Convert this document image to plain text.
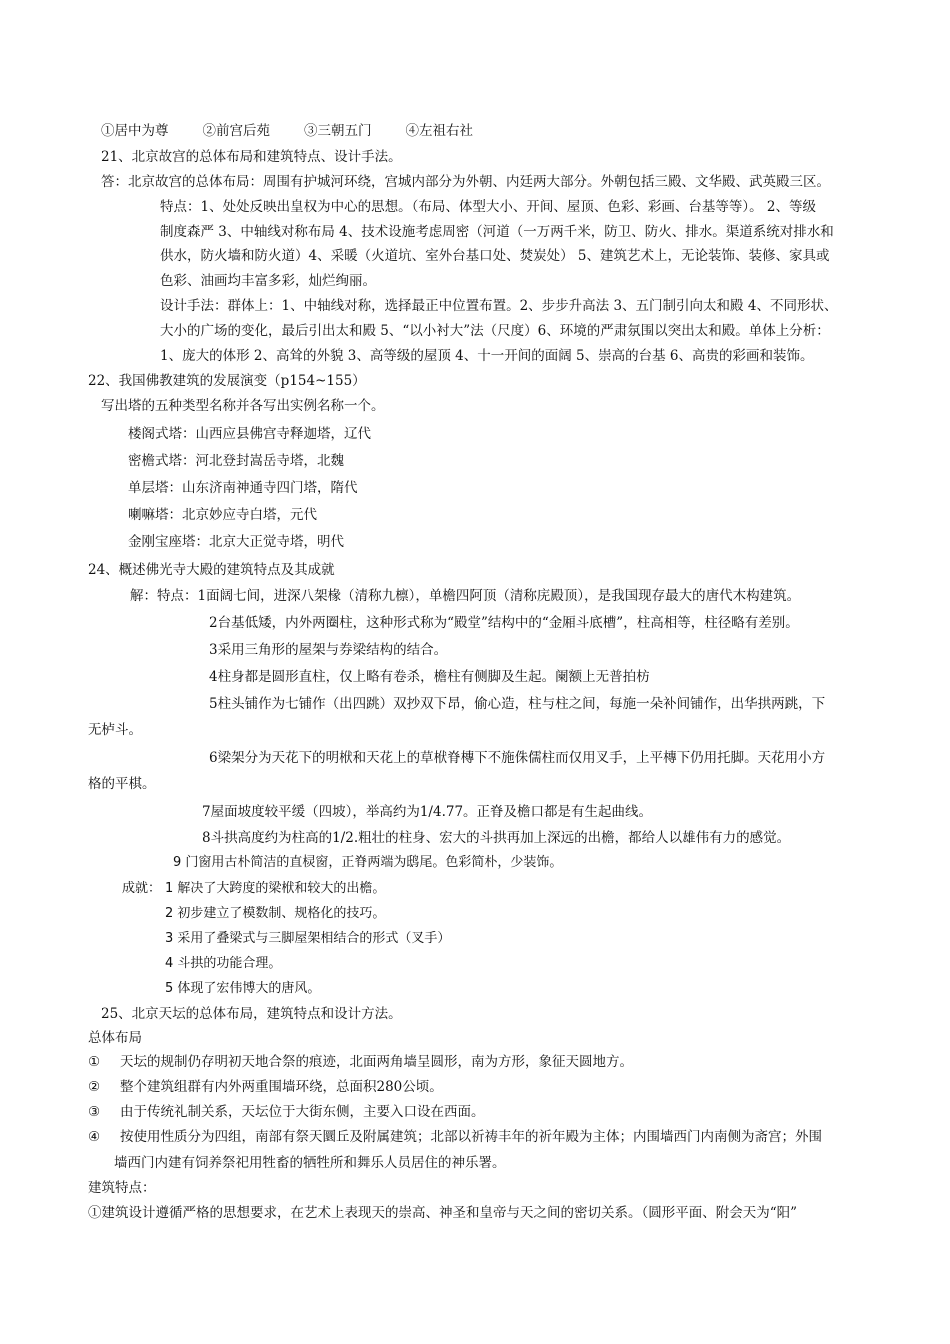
①居中为尊	②前宫后苑	③三朝五门	④左祖右社
21、北京故宫的总体布局和建筑特点、设计手法。
答：北京故宫的总体布局：周围有护城河环绕，宫城内部分为外朝、内廷两大部分。外朝包括三殿、文华殿、武英殿三区。
特点：1、处处反映出皇权为中心的思想。（布局、体型大小、开间、屋顶、色彩、彩画、台基等等）。 2、等级
制度森严 3、中轴线对称布局 4、技术设施考虑周密（河道（一万两千米，防卫、防火、排水。渠道系统对排水和
供水，防火墙和防火道）4、采暖（火道坑、室外台基口处、焚炭处） 5、建筑艺术上，无论装饰、装修、家具或
色彩、油画均丰富多彩，灿烂绚丽。
设计手法：群体上：1、中轴线对称，选择最正中位置布置。2、步步升高法 3、五门制引向太和殿 4、不同形状、
大小的广场的变化，最后引出太和殿 5、“以小衬大”法（尺度）6、环境的严肃氛围以突出太和殿。单体上分析：
1、庞大的体形 2、高耸的外貌 3、高等级的屋顶 4、十一开间的面阔 5、崇高的台基 6、高贵的彩画和装饰。
22、我国佛教建筑的发展演变（p154~155）
写出塔的五种类型名称并各写出实例名称一个。
楼阁式塔：山西应县佛宫寺释迦塔，辽代
密檐式塔：河北登封嵩岳寺塔，北魏
单层塔：山东济南神通寺四门塔，隋代
喇嘛塔：北京妙应寺白塔，元代
金刚宝座塔：北京大正觉寺塔，明代
24、概述佛光寺大殿的建筑特点及其成就
解：特点：1面阔七间，进深八架椽（清称九檩），单檐四阿顶（清称庑殿顶），是我国现存最大的唐代木构建筑。
2台基低矮，内外两圈柱，这种形式称为“殿堂”结构中的“金厢斗底槽”，柱高相等，柱径略有差别。
3采用三角形的屋架与券梁结构的结合。
4柱身都是圆形直柱，仅上略有卷杀，檐柱有侧脚及生起。阑额上无普拍枋
5柱头铺作为七铺作（出四跳）双抄双下昂，偷心造，柱与柱之间，每施一朵补间铺作，出华拱两跳，下
无栌斗。
6梁架分为天花下的明栿和天花上的草栿脊槫下不施侏儒柱而仅用叉手，上平槫下仍用托脚。天花用小方
格的平棋。
7屋面坡度较平缓（四坡），举高约为1/4.77。正脊及檐口都是有生起曲线。
8斗拱高度约为柱高的1/2.粗壮的柱身、宏大的斗拱再加上深远的出檐，都给人以雄伟有力的感觉。
9 门窗用古朴简洁的直棂窗，正脊两端为鸱尾。色彩简朴，少装饰。
成就： 1 解决了大跨度的梁栿和较大的出檐。
2 初步建立了模数制、规格化的技巧。
3 采用了叠梁式与三脚屋架相结合的形式（叉手）
4 斗拱的功能合理。
5 体现了宏伟博大的唐风。
25、北京天坛的总体布局，建筑特点和设计方法。
总体布局
① 天坛的规制仍存明初天地合祭的痕迹，北面两角墙呈圆形，南为方形，象征天圆地方。
② 整个建筑组群有内外两重围墙环绕，总面积280公顷。
③ 由于传统礼制关系，天坛位于大街东侧，主要入口设在西面。
④ 按使用性质分为四组，南部有祭天圜丘及附属建筑；北部以祈祷丰年的祈年殿为主体；内围墙西门内南侧为斋宫；外围
墙西门内建有饲养祭祀用牲畜的牺牲所和舞乐人员居住的神乐署。
建筑特点：
①建筑设计遵循严格的思想要求，在艺术上表现天的崇高、神圣和皇帝与天之间的密切关系。（圆形平面、附会天为“阳”
